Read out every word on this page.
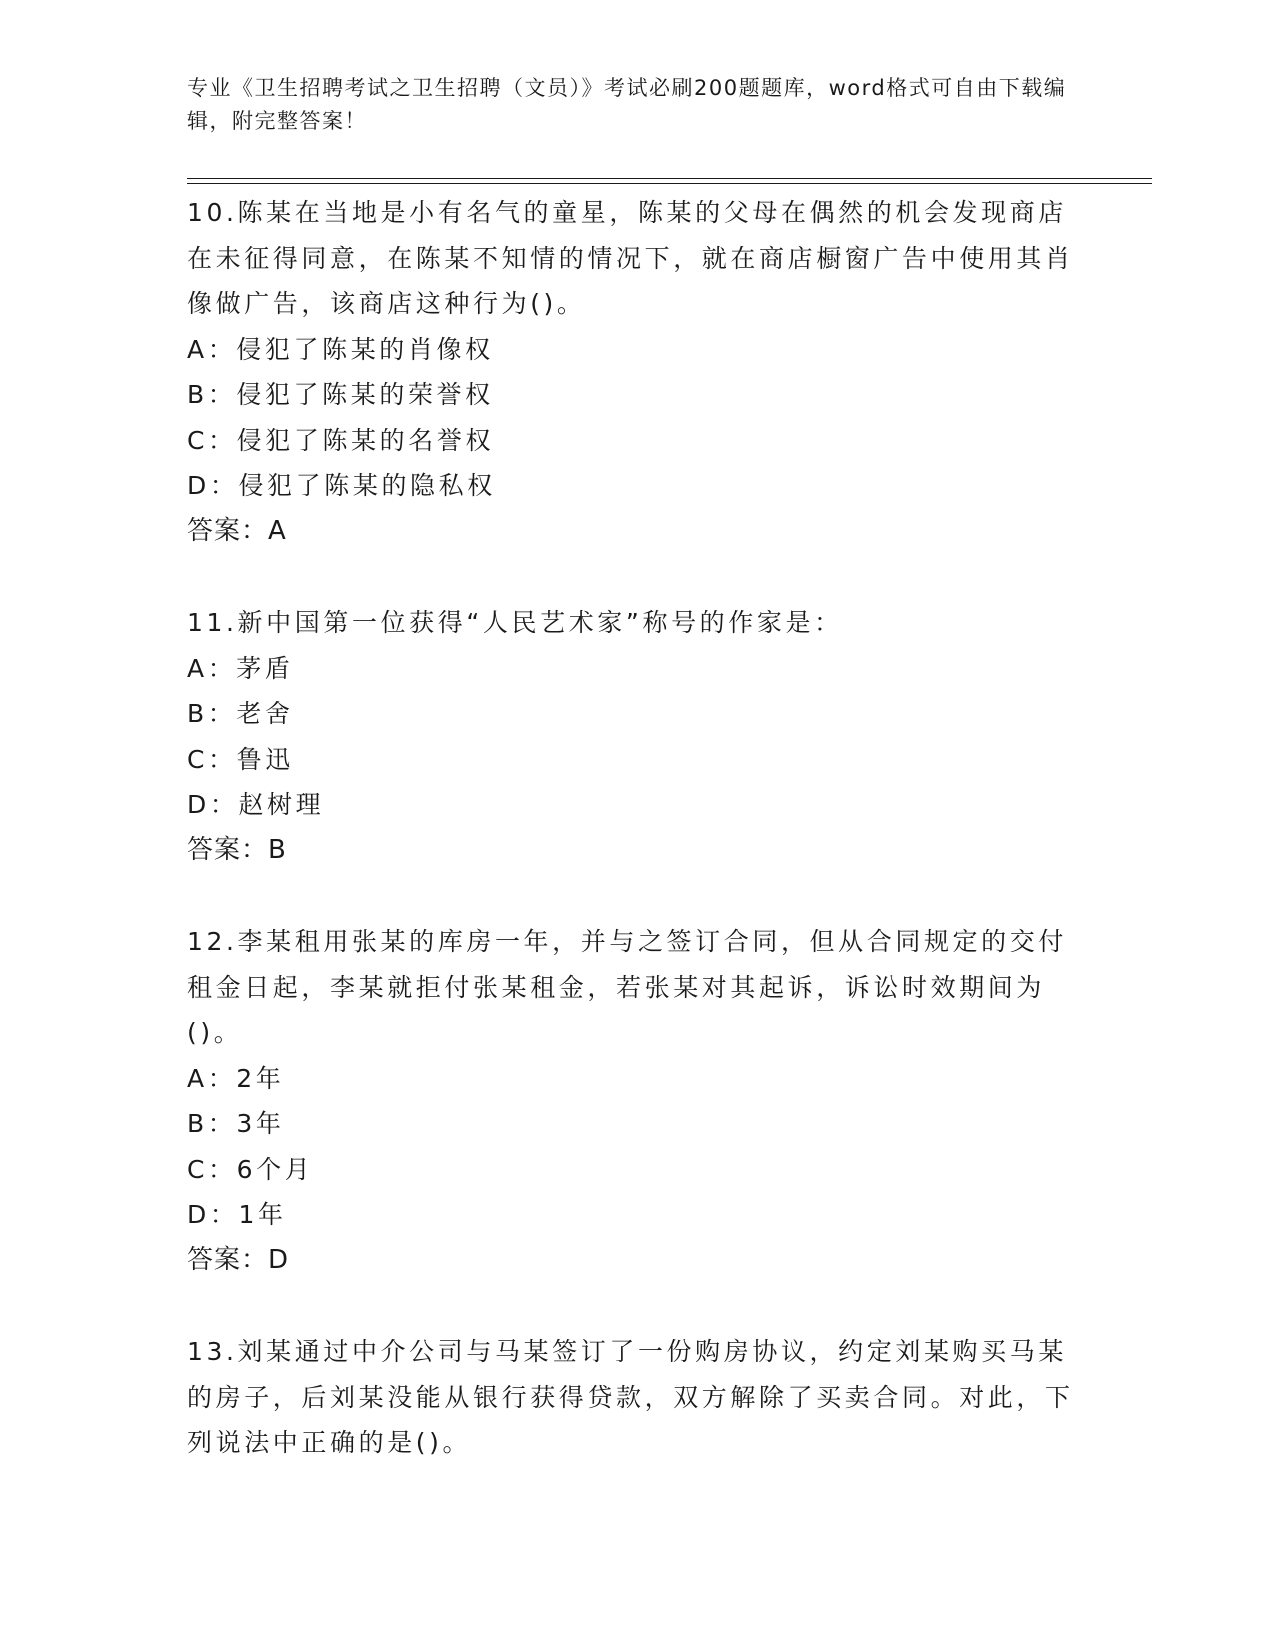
专业《卫生招聘考试之卫生招聘（文员）》考试必刷200题题库，word格式可自由下载编辑，附完整答案！

10.陈某在当地是小有名气的童星，陈某的父母在偶然的机会发现商店在未征得同意，在陈某不知情的情况下，就在商店橱窗广告中使用其肖像做广告，该商店这种行为()。

A：侵犯了陈某的肖像权

B：侵犯了陈某的荣誉权

C：侵犯了陈某的名誉权

D：侵犯了陈某的隐私权

答案：A

11.新中国第一位获得“人民艺术家”称号的作家是：

A：茅盾

B：老舍

C：鲁迅

D：赵树理

答案：B

12.李某租用张某的库房一年，并与之签订合同，但从合同规定的交付租金日起，李某就拒付张某租金，若张某对其起诉，诉讼时效期间为()。

A：2年

B：3年

C：6个月

D：1年

答案：D

13.刘某通过中介公司与马某签订了一份购房协议，约定刘某购买马某的房子，后刘某没能从银行获得贷款，双方解除了买卖合同。对此，下列说法中正确的是()。
